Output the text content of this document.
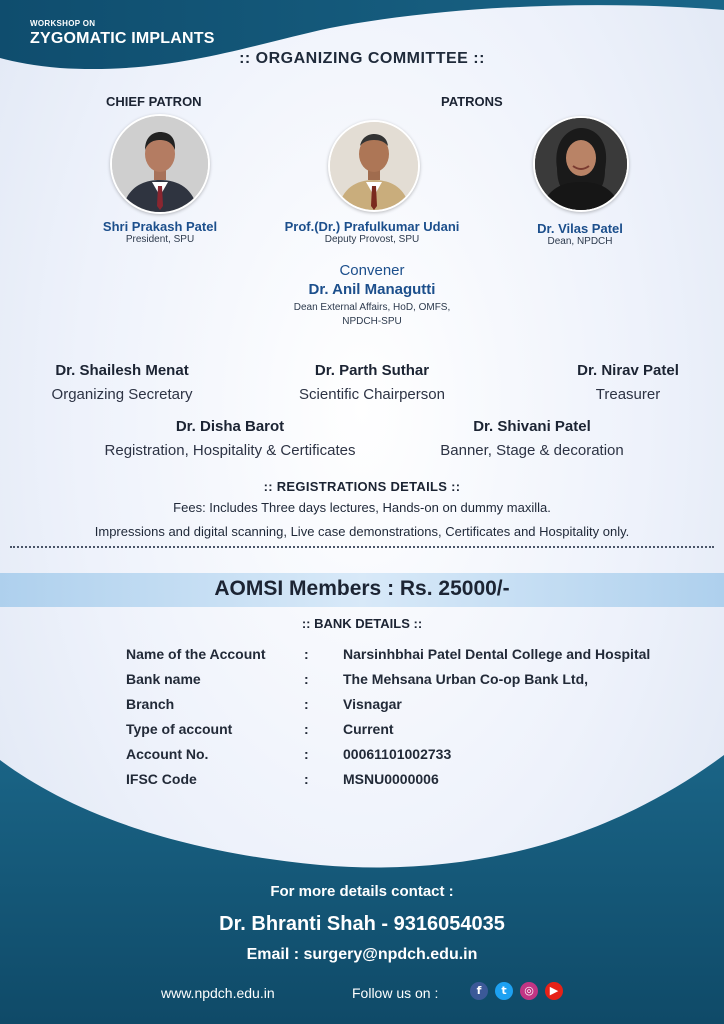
WORKSHOP ON
ZYGOMATIC IMPLANTS
:: ORGANIZING COMMITTEE ::
CHIEF PATRON	PATRONS
Shri Prakash Patel
President, SPU
Prof.(Dr.) Prafulkumar Udani
Deputy Provost, SPU
Dr. Vilas Patel
Dean, NPDCH
Convener
Dr. Anil Managutti
Dean External Affairs, HoD, OMFS,
NPDCH-SPU
Dr. Shailesh Menat
Organizing Secretary
Dr. Parth Suthar
Scientific Chairperson
Dr. Nirav Patel
Treasurer
Dr. Disha Barot
Registration, Hospitality & Certificates
Dr. Shivani Patel
Banner, Stage & decoration
:: REGISTRATIONS DETAILS ::
Fees: Includes Three days lectures, Hands-on on dummy maxilla.
Impressions and digital scanning, Live case demonstrations, Certificates and Hospitality only.
AOMSI Members : Rs. 25000/-
:: BANK DETAILS ::
Name of the Account	: Narsinhbhai Patel Dental College and Hospital
Bank name	: The Mehsana Urban Co-op Bank Ltd,
Branch	: Visnagar
Type of account	: Current
Account No.	: 00061101002733
IFSC Code	: MSNU0000006
For more details contact :
Dr. Bhranti Shah - 9316054035
Email : surgery@npdch.edu.in
www.npdch.edu.in	Follow us on :	f	t	◎	▶
